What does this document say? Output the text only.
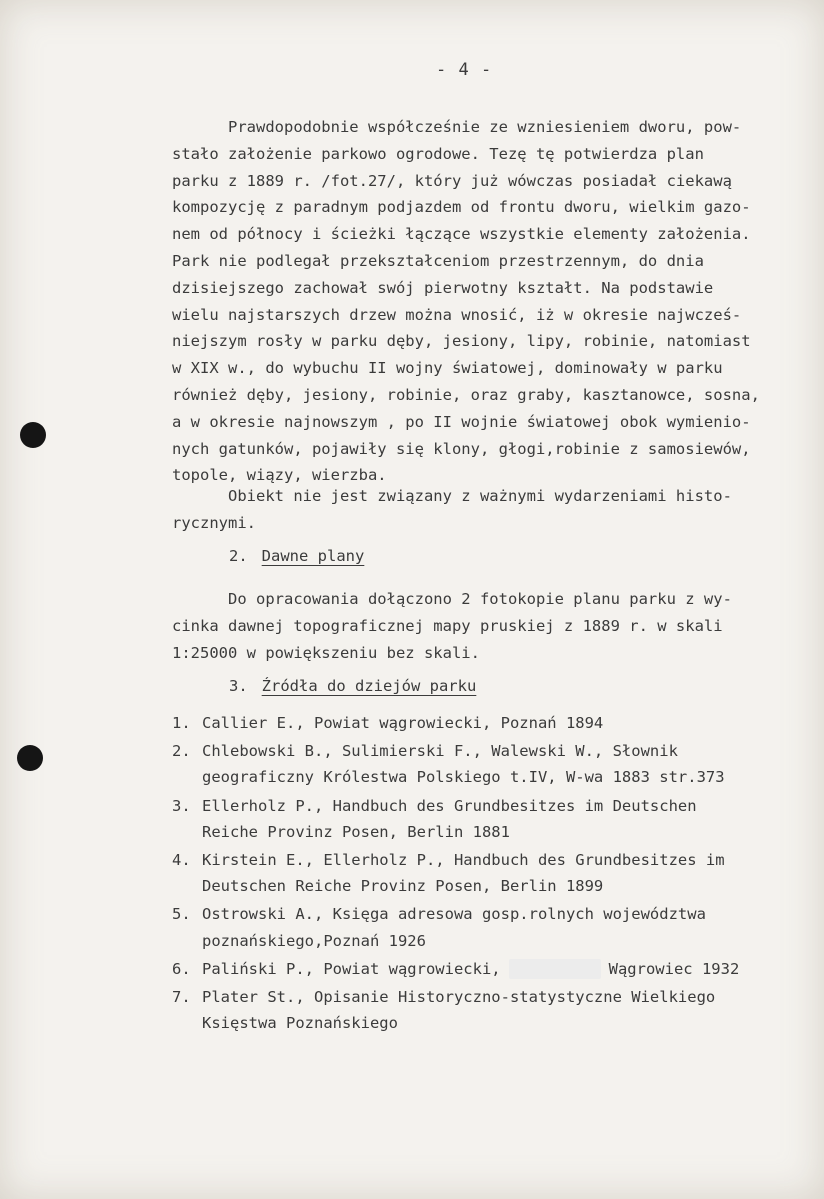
- 4 -

Prawdopodobnie współcześnie ze wzniesieniem dworu, pow-
stało założenie parkowo ogrodowe. Tezę tę potwierdza plan
parku z 1889 r. /fot.27/, który już wówczas posiadał ciekawą
kompozycję z paradnym podjazdem od frontu dworu, wielkim gazo-
nem od północy i ścieżki łączące wszystkie elementy założenia.
Park nie podlegał przekształceniom przestrzennym, do dnia
dzisiejszego zachował swój pierwotny kształt. Na podstawie
wielu najstarszych drzew można wnosić, iż w okresie najwcześ-
niejszym rosły w parku dęby, jesiony, lipy, robinie, natomiast
w XIX w., do wybuchu II wojny światowej, dominowały w parku
również dęby, jesiony, robinie, oraz graby, kasztanowce, sosna,
a w okresie najnowszym , po II wojnie światowej obok wymienio-
nych gatunków, pojawiły się klony, głogi,robinie z samosiewów,
topole, wiązy, wierzba.

Obiekt nie jest związany z ważnymi wydarzeniami histo-
rycznymi.

2. Dawne plany

Do opracowania dołączono 2 fotokopie planu parku z wy-
cinka dawnej topograficznej mapy pruskiej z 1889 r. w skali
1:25000 w powiększeniu bez skali.

3. Źródła do dziejów parku

1. Callier E., Powiat wągrowiecki, Poznań 1894
2. Chlebowski B., Sulimierski F., Walewski W., Słownik
geograficzny Królestwa Polskiego t.IV, W-wa 1883 str.373
3. Ellerholz P., Handbuch des Grundbesitzes im Deutschen
Reiche Provinz Posen, Berlin 1881
4. Kirstein E., Ellerholz P., Handbuch des Grundbesitzes im
Deutschen Reiche Provinz Posen, Berlin 1899
5. Ostrowski A., Księga adresowa gosp.rolnych województwa
poznańskiego,Poznań 1926
6. Paliński P., Powiat wągrowiecki,	Wągrowiec 1932
7. Plater St., Opisanie Historyczno-statystyczne Wielkiego
Księstwa Poznańskiego
